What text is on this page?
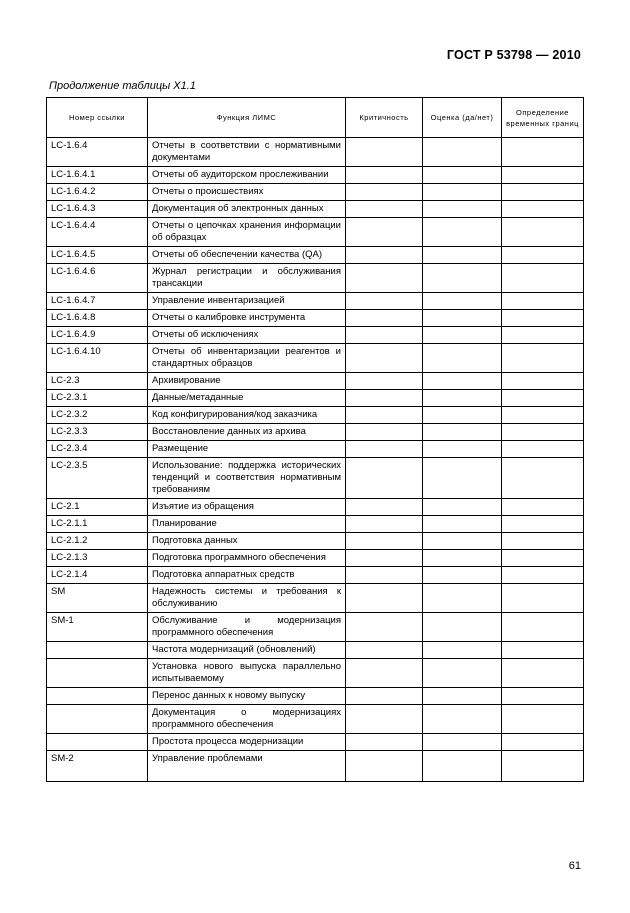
ГОСТ Р 53798 — 2010
Продолжение таблицы X1.1
Номер ссылки	Функция ЛИМС	Критичность	Оценка (да/нет)	Определение временных границ
LC-1.6.4	Отчеты в соответствии с нормативными документами			
LC-1.6.4.1	Отчеты об аудиторском прослеживании			
LC-1.6.4.2	Отчеты о происшествиях			
LC-1.6.4.3	Документация об электронных данных			
LC-1.6.4.4	Отчеты о цепочках хранения информации об образцах			
LC-1.6.4.5	Отчеты об обеспечении качества (QA)			
LC-1.6.4.6	Журнал регистрации и обслуживания трансакции			
LC-1.6.4.7	Управление инвентаризацией			
LC-1.6.4.8	Отчеты о калибровке инструмента			
LC-1.6.4.9	Отчеты об исключениях			
LC-1.6.4.10	Отчеты об инвентаризации реагентов и стандартных образцов			
LC-2.3	Архивирование			
LC-2.3.1	Данные/метаданные			
LC-2.3.2	Код конфигурирования/код заказчика			
LC-2.3.3	Восстановление данных из архива			
LC-2.3.4	Размещение			
LC-2.3.5	Использование: поддержка исторических тенденций и соответствия нормативным требованиям			
LC-2.1	Изъятие из обращения			
LC-2.1.1	Планирование			
LC-2.1.2	Подготовка данных			
LC-2.1.3	Подготовка программного обеспечения			
LC-2.1.4	Подготовка аппаратных средств			
SM	Надежность системы и требования к обслуживанию			
SM-1	Обслуживание и модернизация программного обеспечения			
	Частота модернизаций (обновлений)			
	Установка нового выпуска параллельно испытываемому			
	Перенос данных к новому выпуску			
	Документация о модернизациях программного обеспечения			
	Простота процесса модернизации			
SM-2	Управление проблемами			
61
